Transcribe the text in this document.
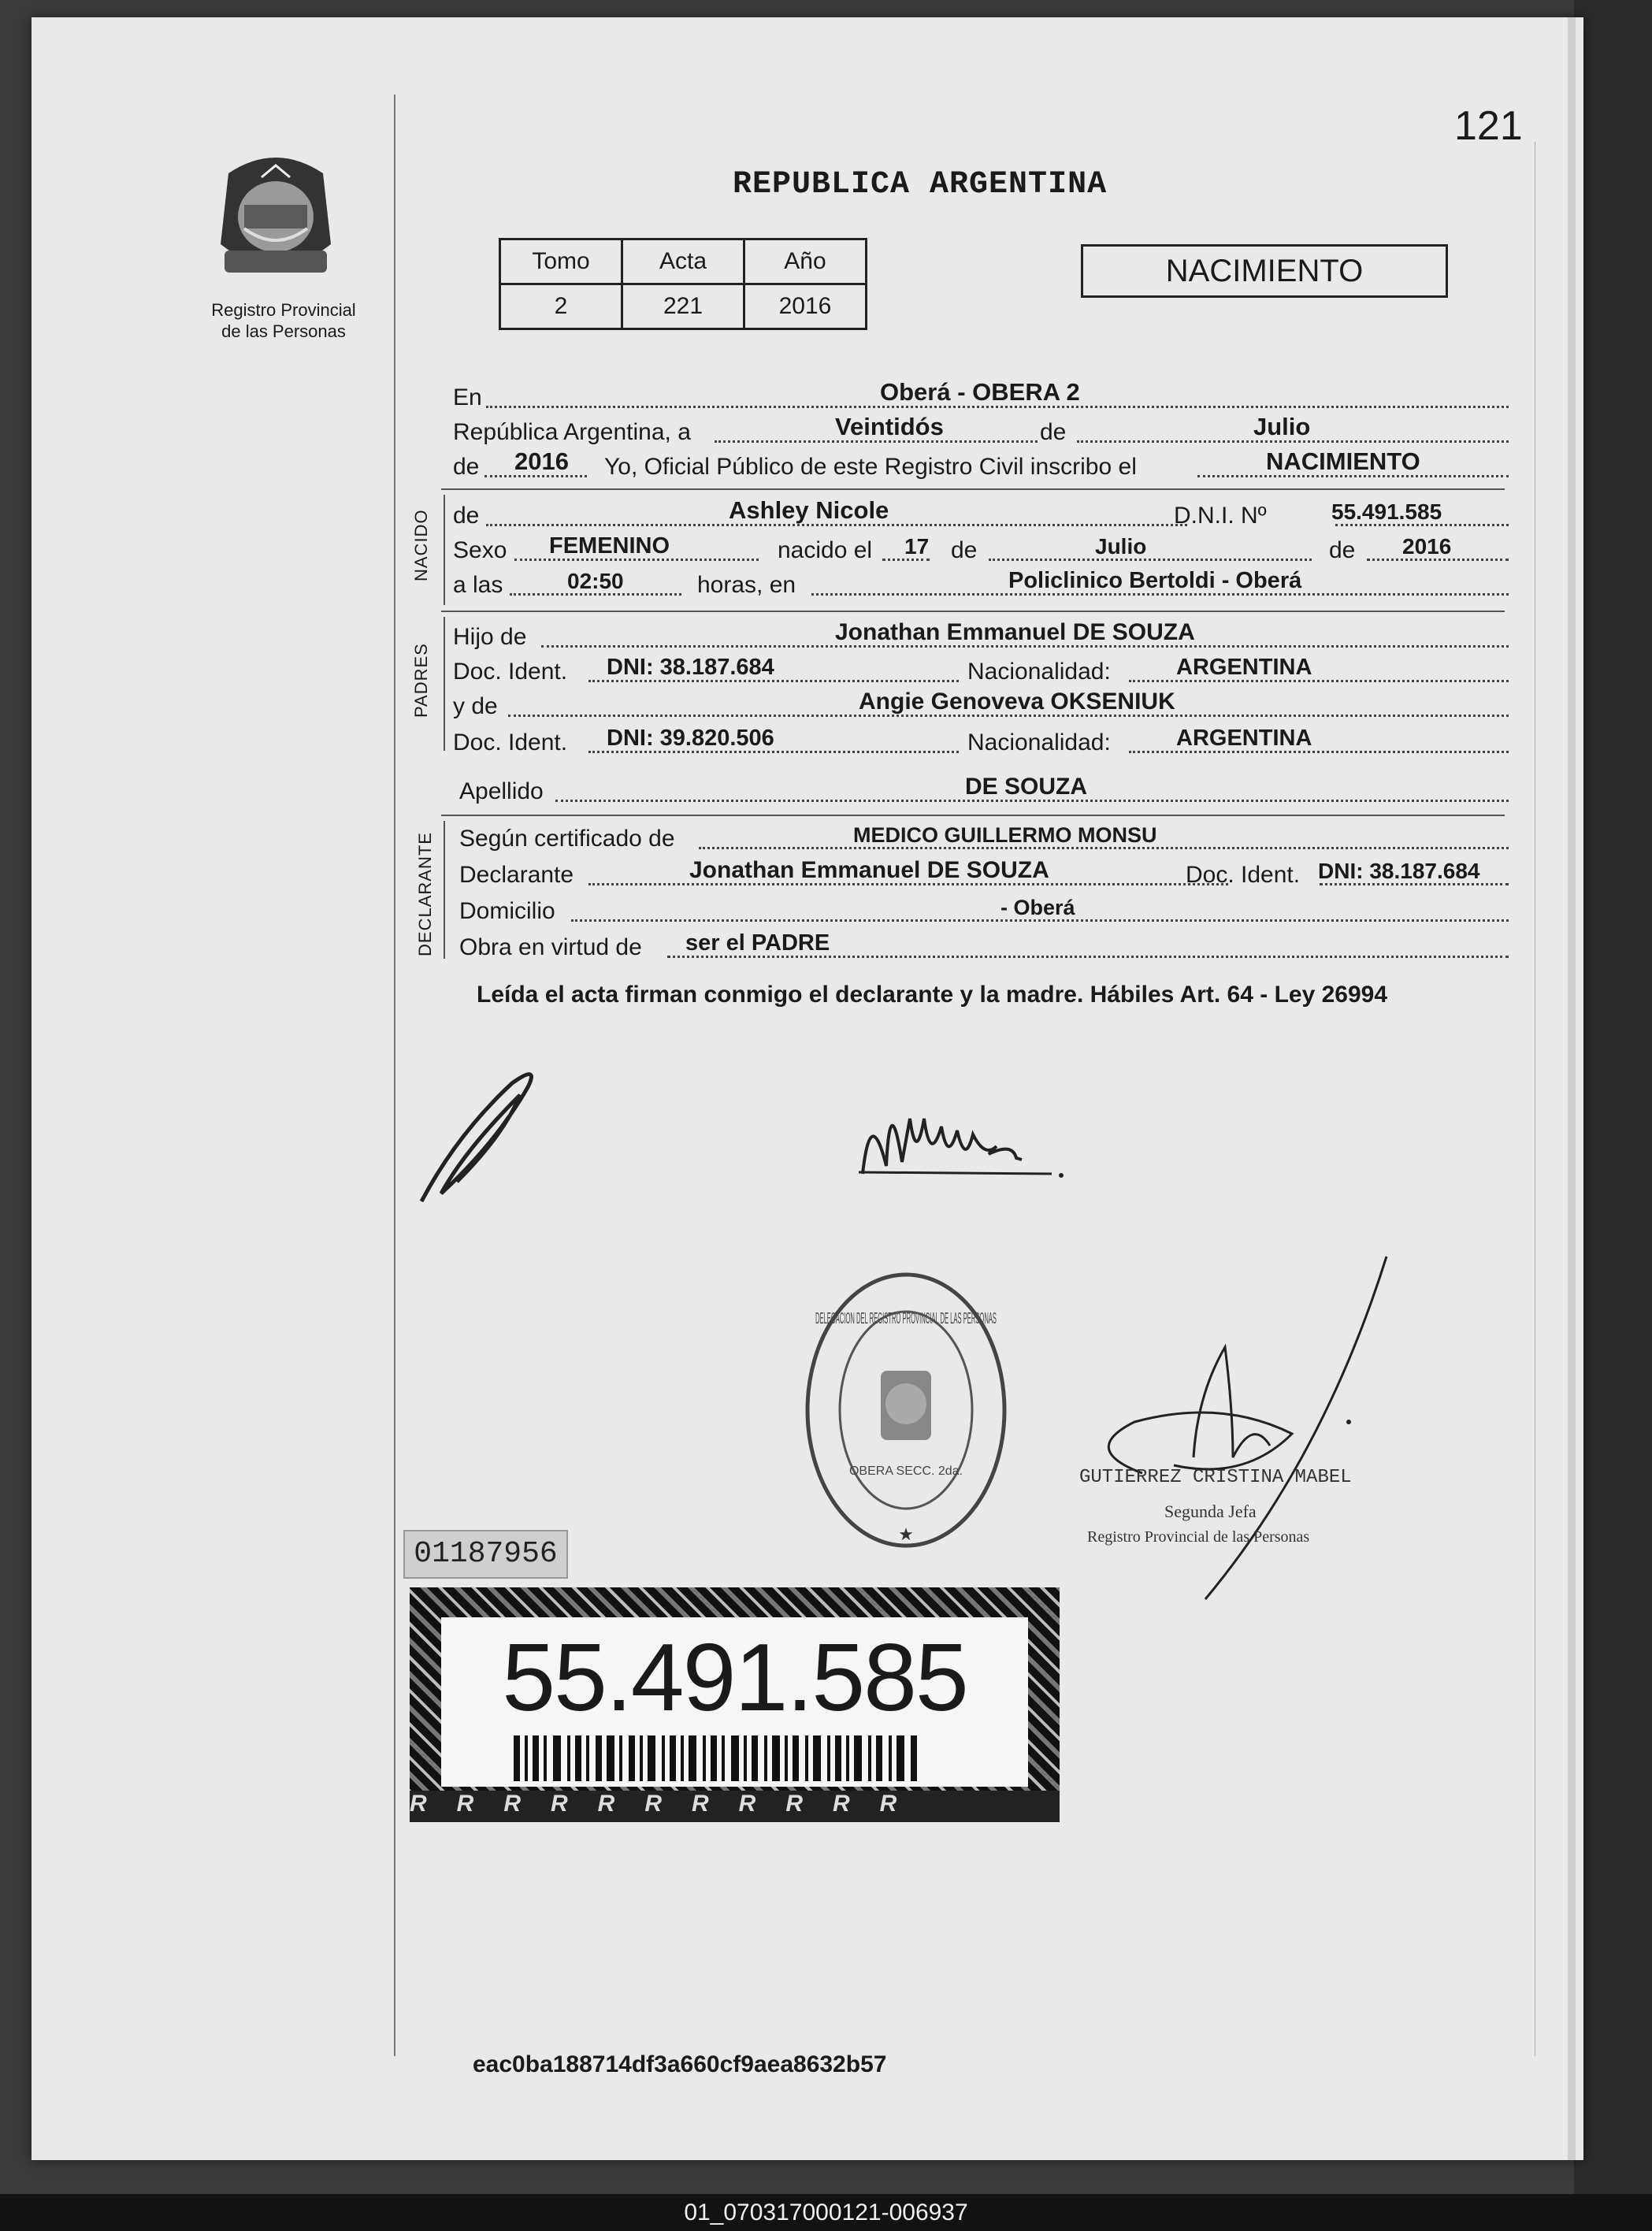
121
REPUBLICA ARGENTINA
Registro Provincial
de las Personas
Tomo	Acta	Año
2	221	2016
NACIMIENTO
En	Oberá - OBERA 2
República Argentina, a	Veintidós	de	Julio
de 2016 Yo, Oficial Público de este Registro Civil inscribo el	NACIMIENTO
NACIDO de	Ashley Nicole	D.N.I. Nº	55.491.585
Sexo FEMENINO	nacido el 17 de	Julio	de 2016
a las	02:50	horas, en	Policlinico Bertoldi - Oberá
PADRES
Hijo de	Jonathan Emmanuel DE SOUZA
Doc. Ident. DNI: 38.187.684	Nacionalidad:	ARGENTINA
y de	Angie Genoveva OKSENIUK
Doc. Ident. DNI: 39.820.506	Nacionalidad:	ARGENTINA
Apellido	DE SOUZA
DECLARANTE Según certificado de	MEDICO GUILLERMO MONSU
Declarante	Jonathan Emmanuel DE SOUZA	Doc. Ident. DNI: 38.187.684
Domicilio	- Oberá
Obra en virtud de ser el PADRE
Leída el acta firman conmigo el declarante y la madre. Hábiles Art. 64 - Ley 26994
DELEGACION DEL REGISTRO PROVINCIAL DE LAS PERSONAS
OBERA SECC. 2da.
★
GUTIERREZ CRISTINA MABEL
Segunda Jefa
Registro Provincial de las Personas
01187956
55.491.585
RRRRRRRRRRR
eac0ba188714df3a660cf9aea8632b57
01_070317000121-006937
